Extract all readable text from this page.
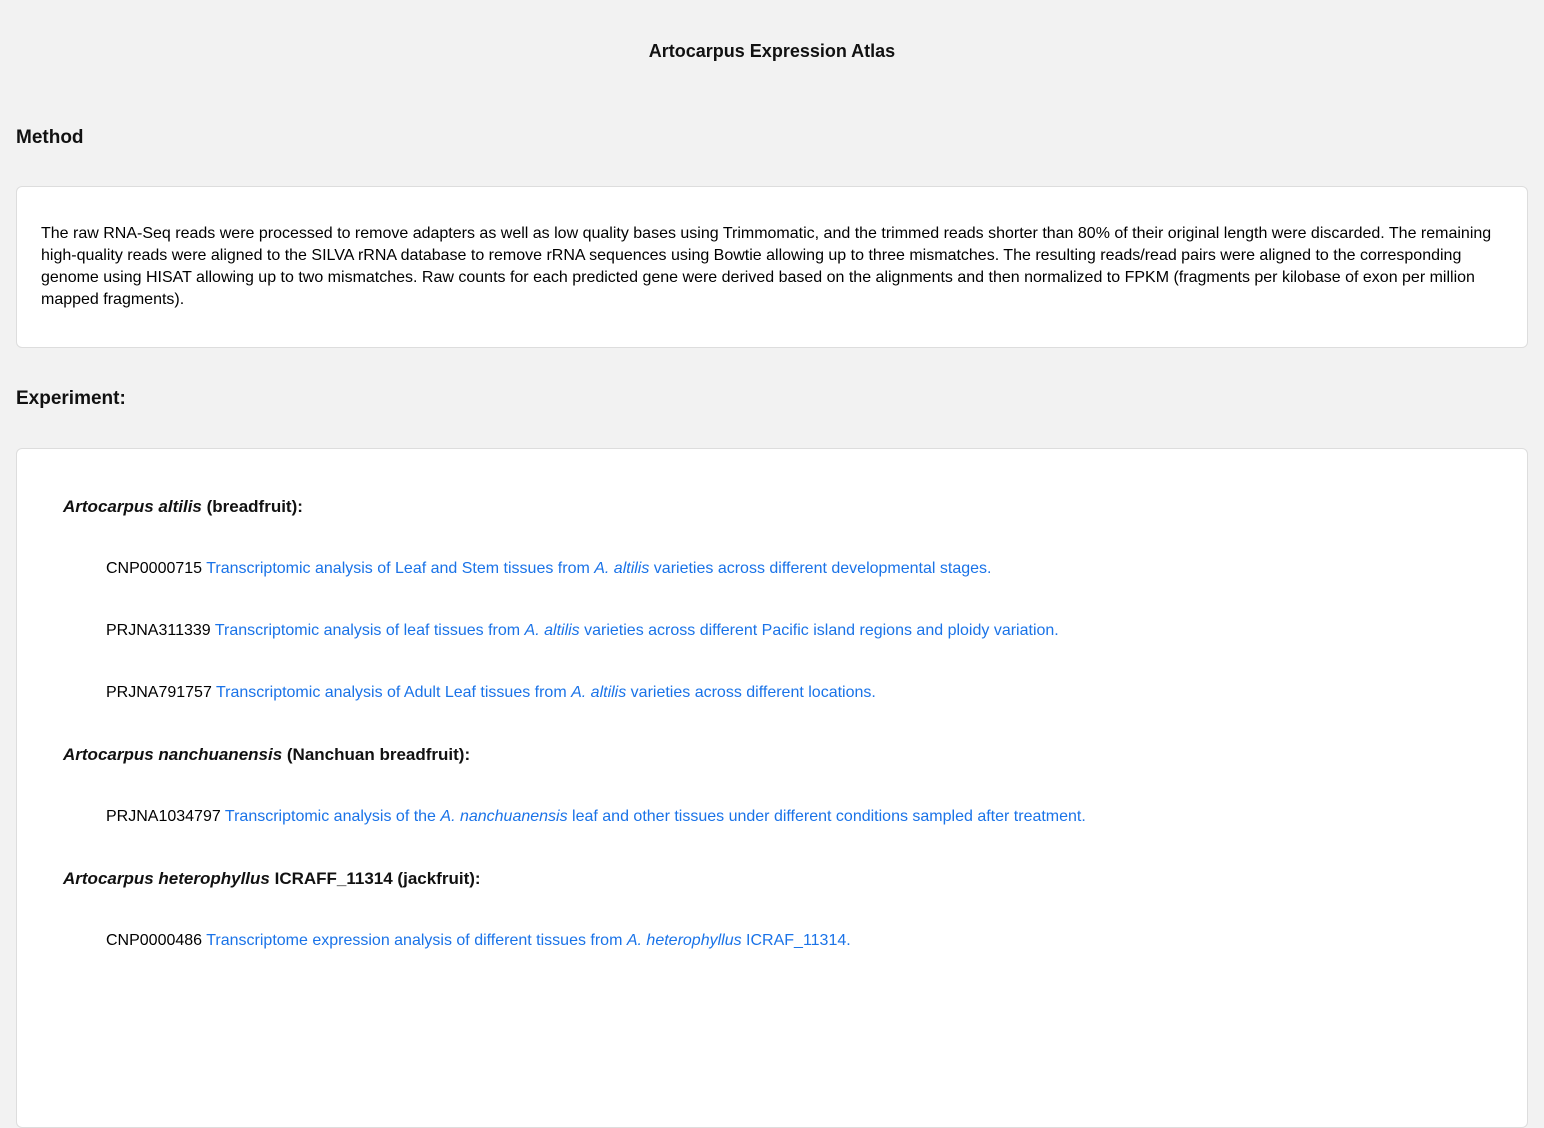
Artocarpus Expression Atlas
Method

The raw RNA-Seq reads were processed to remove adapters as well as low quality bases using Trimmomatic, and the trimmed reads shorter than 80% of their original length were discarded. The remaining high-quality reads were aligned to the SILVA rRNA database to remove rRNA sequences using Bowtie allowing up to three mismatches. The resulting reads/read pairs were aligned to the corresponding genome using HISAT allowing up to two mismatches. Raw counts for each predicted gene were derived based on the alignments and then normalized to FPKM (fragments per kilobase of exon per million mapped fragments).

Experiment:

Artocarpus altilis (breadfruit):

CNP0000715 Transcriptomic analysis of Leaf and Stem tissues from A. altilis varieties across different developmental stages.

PRJNA311339 Transcriptomic analysis of leaf tissues from A. altilis varieties across different Pacific island regions and ploidy variation.

PRJNA791757 Transcriptomic analysis of Adult Leaf tissues from A. altilis varieties across different locations.

Artocarpus nanchuanensis (Nanchuan breadfruit):

PRJNA1034797 Transcriptomic analysis of the A. nanchuanensis leaf and other tissues under different conditions sampled after treatment.

Artocarpus heterophyllus ICRAFF_11314 (jackfruit):

CNP0000486 Transcriptome expression analysis of different tissues from A. heterophyllus ICRAF_11314.
